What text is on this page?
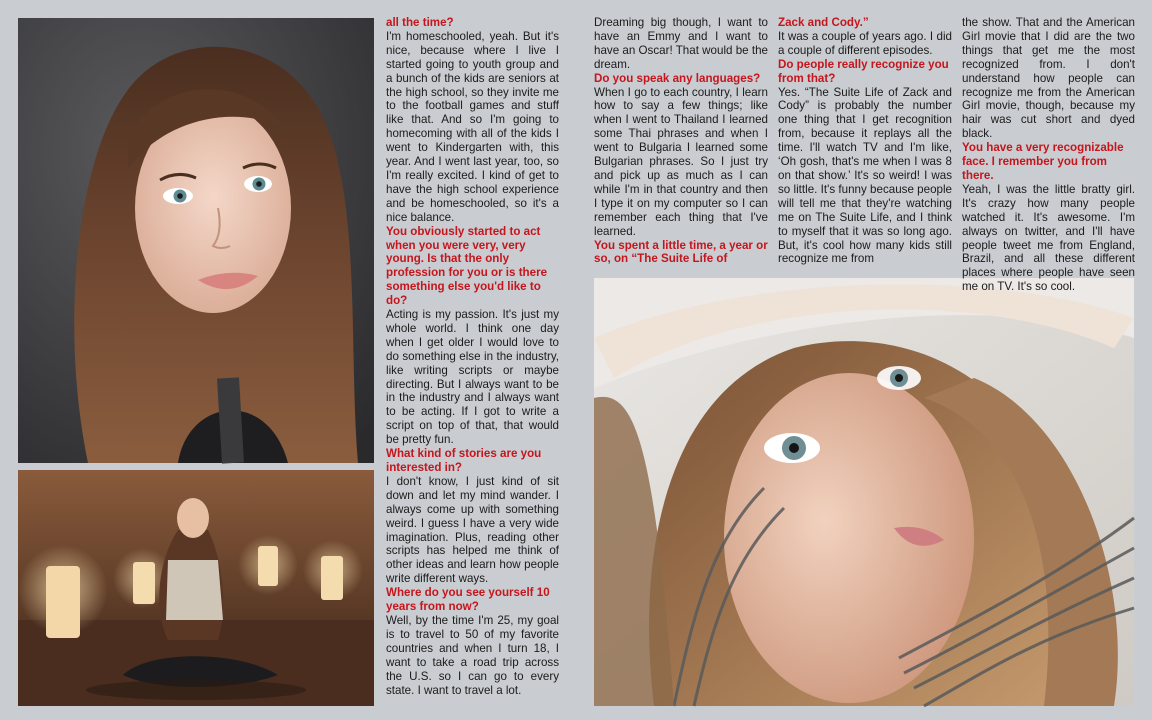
all the time?

I'm homeschooled, yeah. But it's nice, because where I live I started going to youth group and a bunch of the kids are seniors at the high school, so they invite me to the football games and stuff like that. And so I'm going to homecoming with all of the kids I went to Kindergarten with, this year. And I went last year, too, so I'm really excited. I kind of get to have the high school experience and be homeschooled, so it's a nice balance.

You obviously started to act when you were very, very young. Is that the only profession for you or is there something else you'd like to do?

Acting is my passion. It's just my whole world. I think one day when I get older I would love to do something else in the industry, like writing scripts or maybe directing. But I always want to be in the industry and I always want to be acting. If I got to write a script on top of that, that would be pretty fun.

What kind of stories are you interested in?

I don't know, I just kind of sit down and let my mind wander. I always come up with something weird. I guess I have a very wide imagination. Plus, reading other scripts has helped me think of other ideas and learn how people write different ways.

Where do you see yourself 10 years from now?

Well, by the time I'm 25, my goal is to travel to 50 of my favorite countries and when I turn 18, I want to take a road trip across the U.S. so I can go to every state. I want to travel a lot.

Dreaming big though, I want to have an Emmy and I want to have an Oscar! That would be the dream.

Do you speak any languages?

When I go to each country, I learn how to say a few things; like when I went to Thailand I learned some Thai phrases and when I went to Bulgaria I learned some Bulgarian phrases. So I just try and pick up as much as I can while I'm in that country and then I type it on my computer so I can remember each thing that I've learned.

You spent a little time, a year or so, on “The Suite Life of

Zack and Cody.”

It was a couple of years ago. I did a couple of different episodes.

Do people really recognize you from that?

Yes. “The Suite Life of Zack and Cody” is probably the number one thing that I get recognition from, because it replays all the time. I'll watch TV and I'm like, ‘Oh gosh, that's me when I was 8 on that show.’ It's so weird! I was so little. It's funny because people will tell me that they're watching me on The Suite Life, and I think to myself that it was so long ago. But, it's cool how many kids still recognize me from

the show. That and the American Girl movie that I did are the two things that get me the most recognized from. I don't understand how people can recognize me from the American Girl movie, though, because my hair was cut short and dyed black.

You have a very recognizable face. I remember you from there.

Yeah, I was the little bratty girl. It's crazy how many people watched it. It's awesome. I'm always on twitter, and I'll have people tweet me from England, Brazil, and all these different places where people have seen me on TV. It's so cool.
